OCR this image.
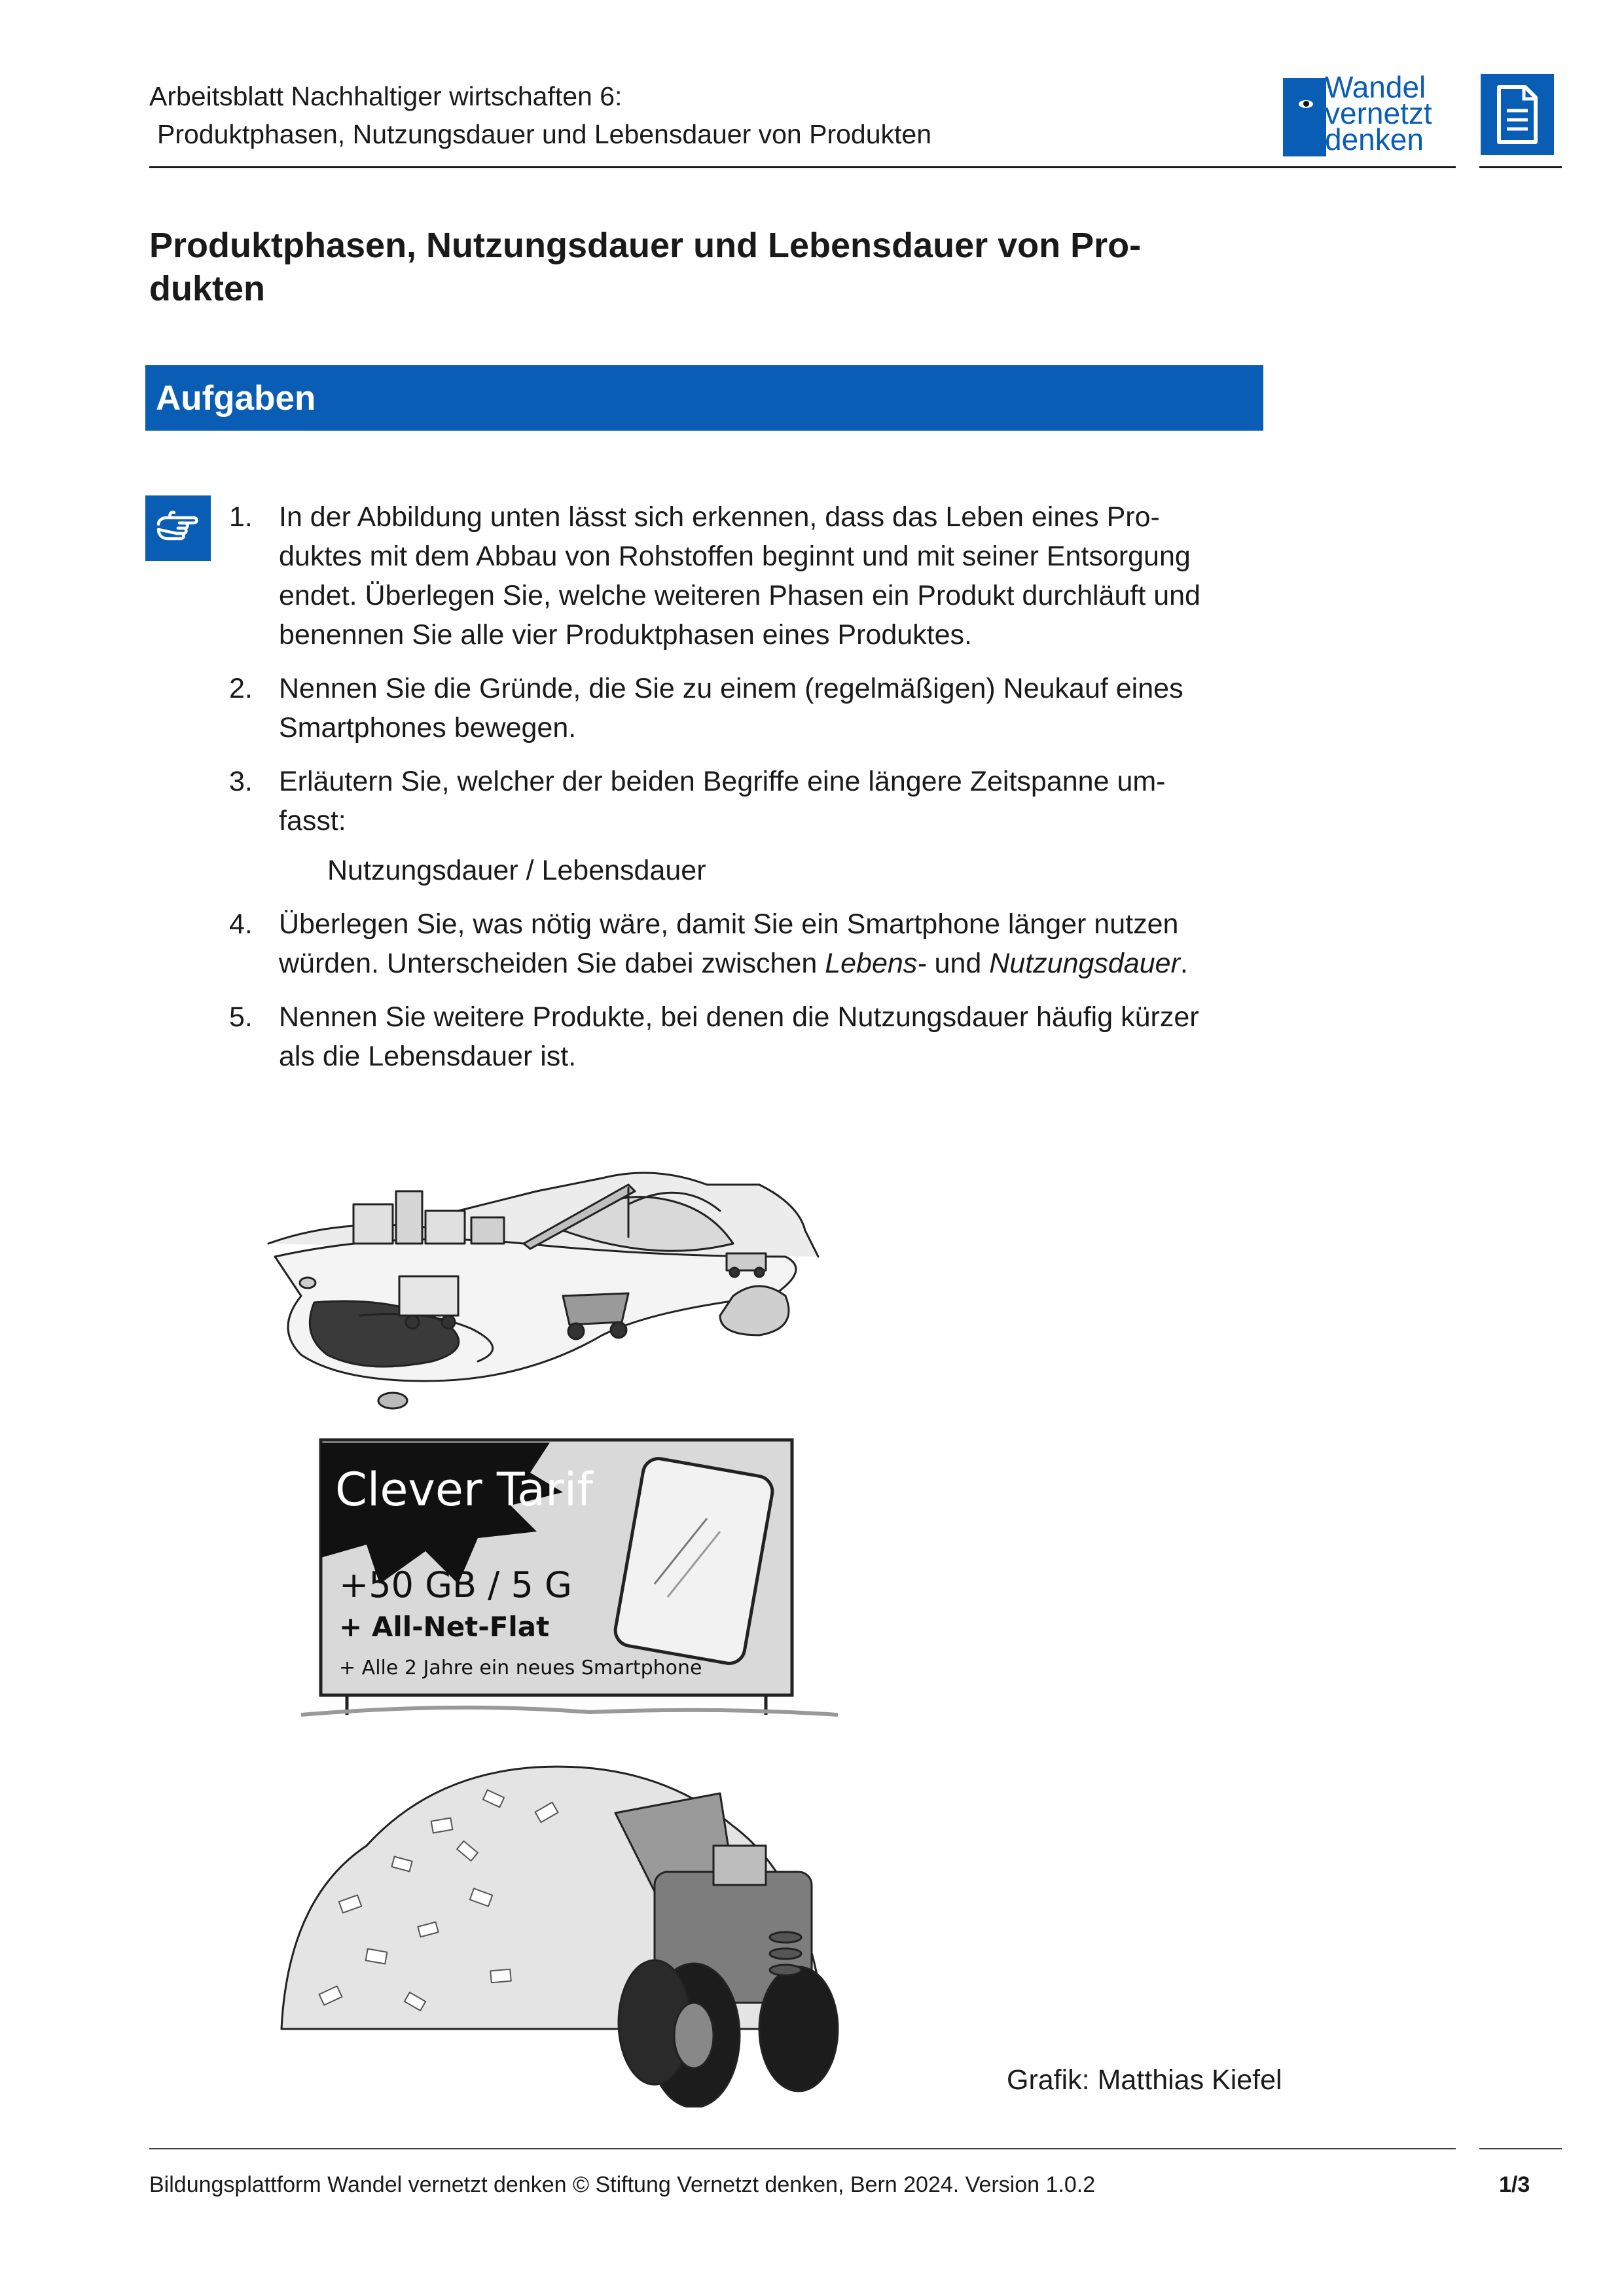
Arbeitsblatt Nachhaltiger wirtschaften 6:
Produktphasen, Nutzungsdauer und Lebensdauer von Produkten
Wandel
vernetzt
denken
Produktphasen, Nutzungsdauer und Lebensdauer von Pro-
dukten
Aufgaben
1. In der Abbildung unten lässt sich erkennen, dass das Leben eines Pro-
duktes mit dem Abbau von Rohstoffen beginnt und mit seiner Entsorgung
endet. Überlegen Sie, welche weiteren Phasen ein Produkt durchläuft und
benennen Sie alle vier Produktphasen eines Produktes.
2. Nennen Sie die Gründe, die Sie zu einem (regelmäßigen) Neukauf eines
Smartphones bewegen.
3. Erläutern Sie, welcher der beiden Begriffe eine längere Zeitspanne um-
fasst:
Nutzungsdauer / Lebensdauer
4. Überlegen Sie, was nötig wäre, damit Sie ein Smartphone länger nutzen
würden. Unterscheiden Sie dabei zwischen Lebens- und Nutzungsdauer.
5. Nennen Sie weitere Produkte, bei denen die Nutzungsdauer häufig kürzer
als die Lebensdauer ist.
Clever Tarif
+50 GB / 5 G
+ All-Net-Flat
+ Alle 2 Jahre ein neues Smartphone
Grafik: Matthias Kiefel
Bildungsplattform Wandel vernetzt denken © Stiftung Vernetzt denken, Bern 2024. Version 1.0.2	1/3
